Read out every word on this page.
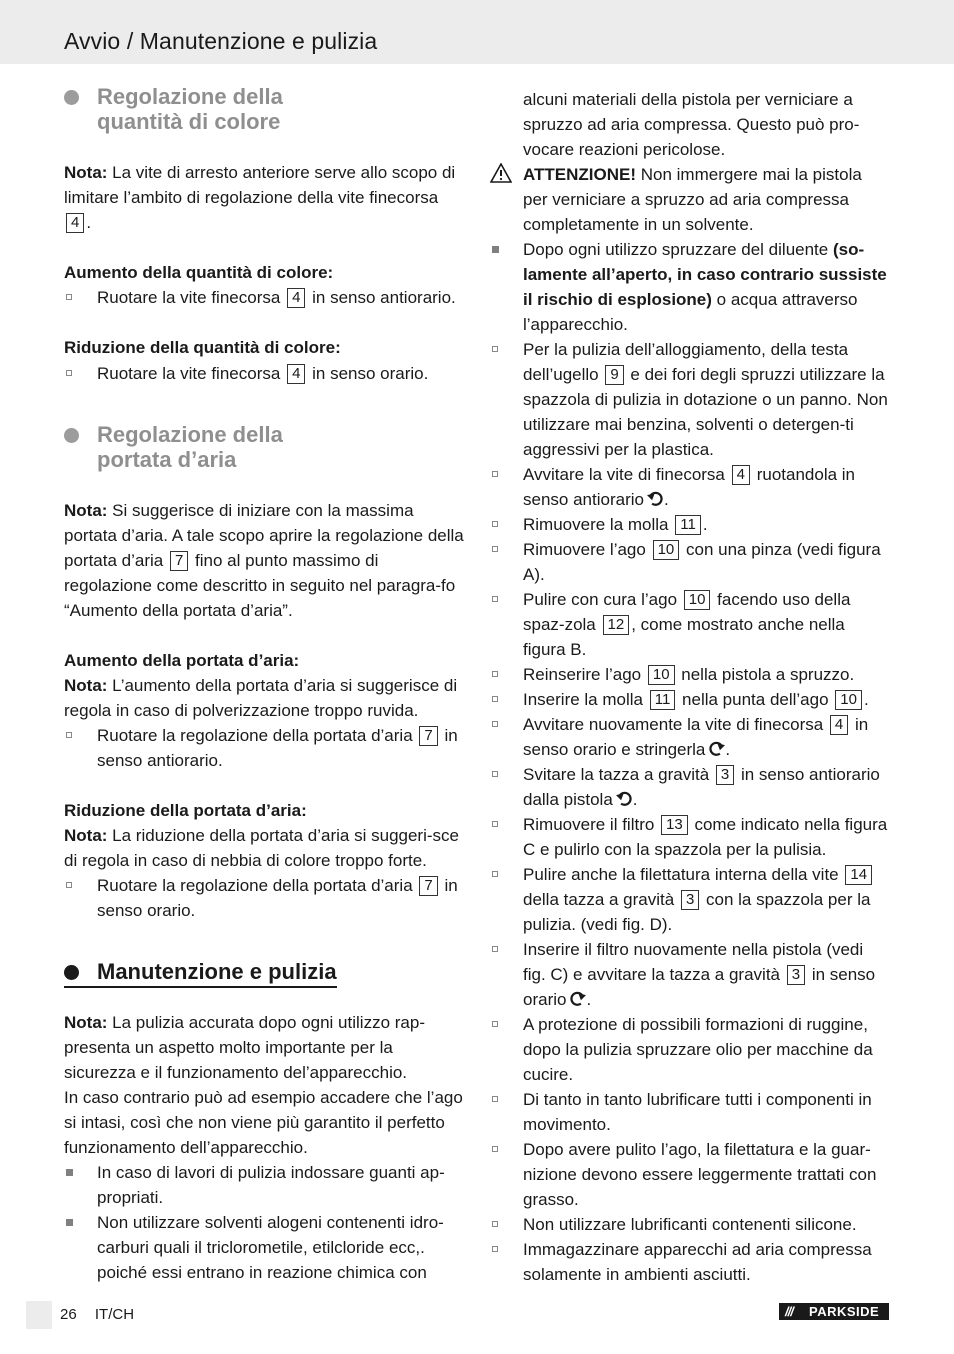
Avvio / Manutenzione e pulizia
Regolazione della
quantità di colore

Nota: La vite di arresto anteriore serve allo scopo di limitare l’ambito di regolazione della vite finecorsa 4 .

Aumento della quantità di colore:

Ruotare la vite finecorsa 4 in senso antiorario.

Riduzione della quantità di colore:

Ruotare la vite finecorsa 4 in senso orario.
Regolazione della
portata d’aria

Nota: Si suggerisce di iniziare con la massima portata d’aria. A tale scopo aprire la regolazione della portata d’aria 7 fino al punto massimo di regolazione come descritto in seguito nel paragra-fo “Aumento della portata d’aria”.

Aumento della portata d’aria:

Nota: L’aumento della portata d’aria si suggerisce di regola in caso di polverizzazione troppo ruvida.

Ruotare la regolazione della portata d’aria 7 in senso antiorario.

Riduzione della portata d’aria:

Nota: La riduzione della portata d’aria si suggeri-sce di regola in caso di nebbia di colore troppo forte.

Ruotare la regolazione della portata d’aria 7 in senso orario.
Manutenzione e pulizia

Nota: La pulizia accurata dopo ogni utilizzo rap-presenta un aspetto molto importante per la sicurezza e il funzionamento del’apparecchio.

In caso contrario può ad esempio accadere che l’ago si intasi, così che non viene più garantito il perfetto funzionamento dell’apparecchio.

In caso di lavori di pulizia indossare guanti ap-propriati.
Non utilizzare solventi alogeni contenenti idro-carburi quali il triclorometile, etilcloride ecc,. poiché essi entrano in reazione chimica con

alcuni materiali della pistola per verniciare a spruzzo ad aria compressa. Questo può pro-vocare reazioni pericolose.

ATTENZIONE! Non immergere mai la pistola per verniciare a spruzzo ad aria compressa completamente in un solvente.
Dopo ogni utilizzo spruzzare del diluente (so-lamente all’aperto, in caso contrario sussiste il rischio di esplosione) o acqua attraverso l’apparecchio.
Per la pulizia dell’alloggiamento, della testa dell’ugello 9 e dei fori degli spruzzi utilizzare la spazzola di pulizia in dotazione o un panno. Non utilizzare mai benzina, solventi o detergen-ti aggressivi per la plastica.
Avvitare la vite di finecorsa 4 ruotandola in senso antiorario .
Rimuovere la molla 11 .
Rimuovere l’ago 10 con una pinza (vedi figura A).
Pulire con cura l’ago 10 facendo uso della spaz-zola 12 , come mostrato anche nella figura B.
Reinserire l’ago 10 nella pistola a spruzzo.
Inserire la molla 11 nella punta dell’ago 10 .
Avvitare nuovamente la vite di finecorsa 4 in senso orario e stringerla .
Svitare la tazza a gravità 3 in senso antiorario dalla pistola .
Rimuovere il filtro 13 come indicato nella figura C e pulirlo con la spazzola per la pulisia.
Pulire anche la filettatura interna della vite 14 della tazza a gravità 3 con la spazzola per la pulizia. (vedi fig. D).
Inserire il filtro nuovamente nella pistola (vedi fig. C) e avvitare la tazza a gravità 3 in senso orario .
A protezione di possibili formazioni di ruggine, dopo la pulizia spruzzare olio per macchine da cucire.
Di tanto in tanto lubrificare tutti i componenti in movimento.
Dopo avere pulito l’ago, la filettatura e la guar-nizione devono essere leggermente trattati con grasso.
Non utilizzare lubrificanti contenenti silicone.
Immagazzinare apparecchi ad aria compressa solamente in ambienti asciutti.
26 IT/CH	/// PARKSIDE
